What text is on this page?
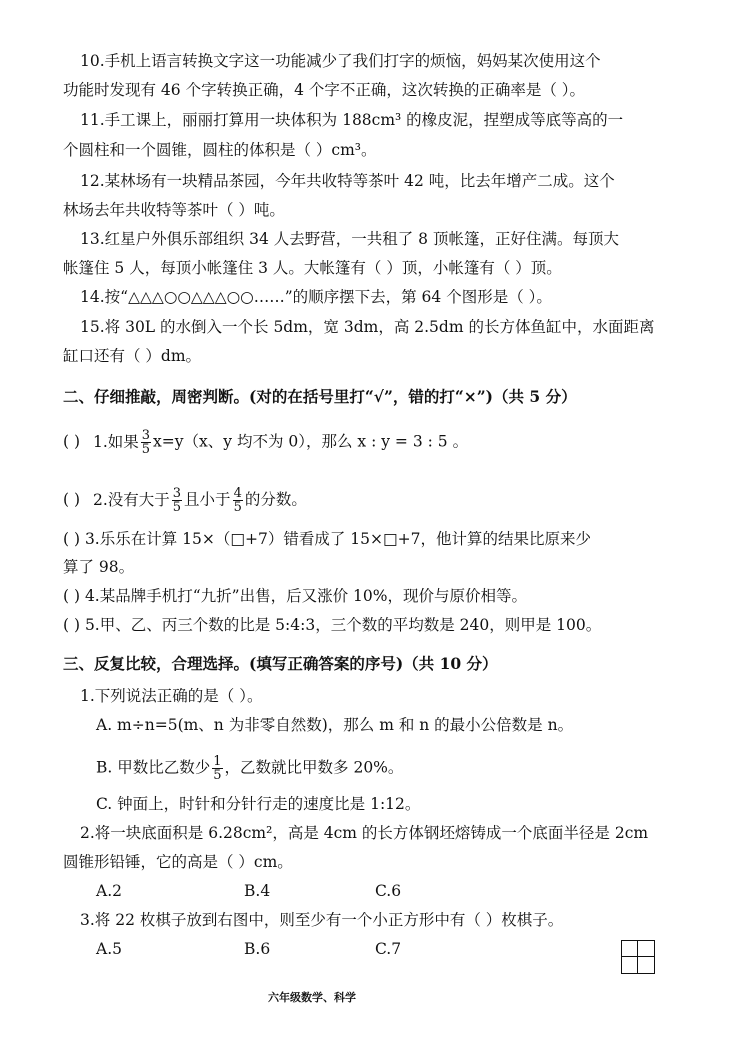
10.手机上语言转换文字这一功能减少了我们打字的烦恼，妈妈某次使用这个
功能时发现有 46 个字转换正确，4 个字不正确，这次转换的正确率是（ ）。
11.手工课上，丽丽打算用一块体积为 188cm³ 的橡皮泥，捏塑成等底等高的一
个圆柱和一个圆锥，圆柱的体积是（ ）cm³。
12.某林场有一块精品茶园，今年共收特等茶叶 42 吨，比去年增产二成。这个
林场去年共收特等茶叶（ ）吨。
13.红星户外俱乐部组织 34 人去野营，一共租了 8 顶帐篷，正好住满。每顶大
帐篷住 5 人，每顶小帐篷住 3 人。大帐篷有（ ）顶，小帐篷有（ ）顶。
14.按“△△△○○△△△○○……”的顺序摆下去，第 64 个图形是（ ）。
15.将 30L 的水倒入一个长 5dm，宽 3dm，高 2.5dm 的长方体鱼缸中，水面距离
缸口还有（ ）dm。
二、仔细推敲，周密判断。(对的在括号里打“√”，错的打“×”)（共 5 分）
( ) 1.如果 $\frac{3}{5} x=y(x$、y 均不为 0），那么 x : y = 3 : 5 。
( ) 2.没有大于 $\frac{3}{5}$ 且小于 $\frac{4}{5}$ 的分数。
( ) 3.乐乐在计算 15×（□+7）错看成了 15×□+7，他计算的结果比原来少
算了 98。
( ) 4.某品牌手机打“九折”出售，后又涨价 10%，现价与原价相等。
( ) 5.甲、乙、丙三个数的比是 5:4:3，三个数的平均数是 240，则甲是 100。
三、反复比较，合理选择。(填写正确答案的序号)（共 10 分）
1.下列说法正确的是（ ）。
A. m÷n=5(m、n 为非零自然数)，那么 m 和 n 的最小公倍数是 n。
B. 甲数比乙数少 $\frac{1}{5}$ ，乙数就比甲数多 20%。
C. 钟面上，时针和分针行走的速度比是 1:12。
2.将一块底面积是 6.28cm²，高是 4cm 的长方体钢坯熔铸成一个底面半径是 2cm
圆锥形铅锤，它的高是（ ）cm。
A.2	B.4	C.6
3.将 22 枚棋子放到右图中，则至少有一个小正方形中有（ ）枚棋子。
A.5	B.6	C.7
六年级数学、科学
